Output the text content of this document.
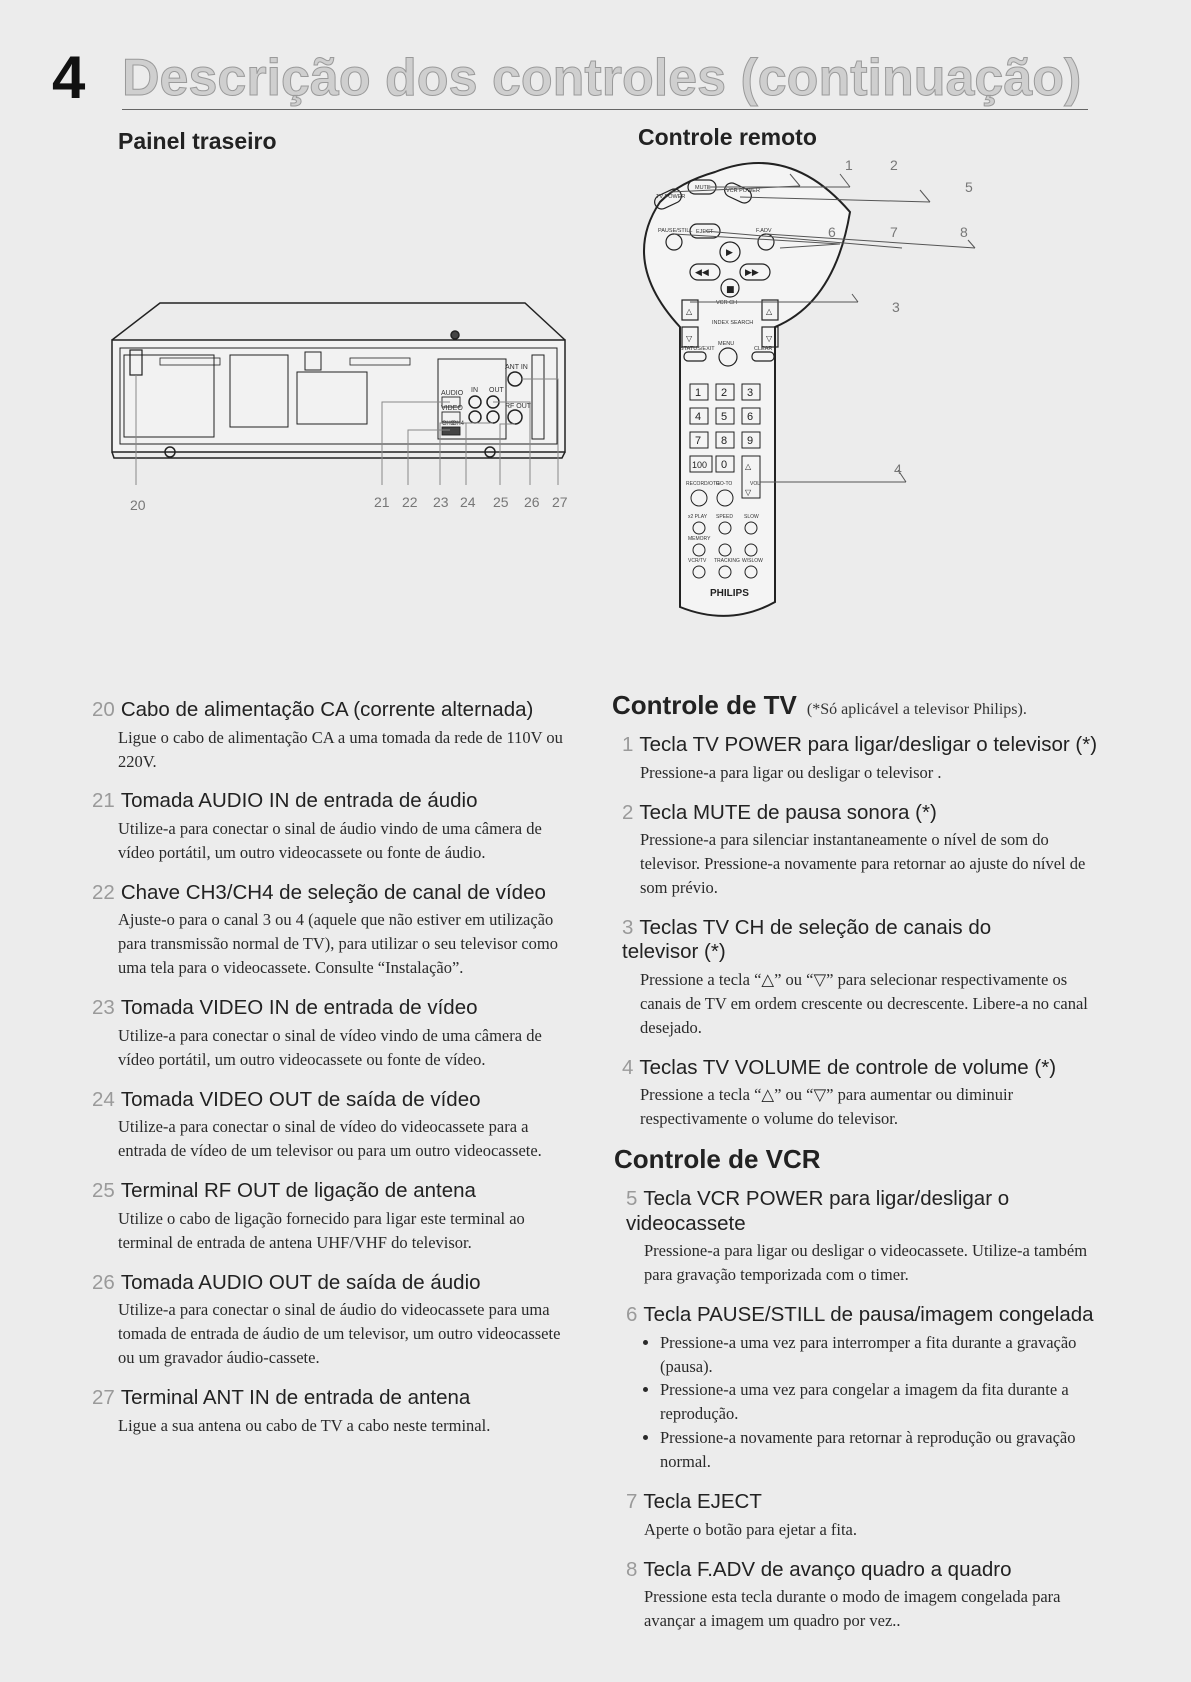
4 Descrição dos controles (continuação)
Painel traseiro	Controle remoto
AUDIO
VIDEO
IN OUT
ANT IN
RF OUT
CH3
CH4
20	21 22 23 24 25 26 27
▶
◀◀	▶▶
■
△
▽
△
▽
TV POWER
MUTE	VCR POWER
PAUSE/STILL EJECT	F.ADV
VCR CH
INDEX SEARCH
MENU
STATUS/EXIT	CLEAR
1 2 3
4 5 6
7 8 9
100 0 △
▽
RECORD/OTR
GO-TO	VOL
x2 PLAY SPEED SLOW
MEMORY
VCR/TV TRACKING W/SLOW
PHILIPS
1	2
5
6	7	8
3
4
20 Cabo de alimentação CA (corrente alternada)
Ligue o cabo de alimentação CA a uma tomada da rede de 110V ou 220V.
21 Tomada AUDIO IN de entrada de áudio
Utilize-a para conectar o sinal de áudio vindo de uma câmera de vídeo portátil, um outro videocassete ou fonte de áudio.
22 Chave CH3/CH4 de seleção de canal de vídeo
Ajuste-o para o canal 3 ou 4 (aquele que não estiver em utilização para transmissão normal de TV), para utilizar o seu televisor como uma tela para o videocassete. Consulte “Instalação”.
23 Tomada VIDEO IN de entrada de vídeo
Utilize-a para conectar o sinal de vídeo vindo de uma câmera de vídeo portátil, um outro videocassete ou fonte de vídeo.
24 Tomada VIDEO OUT de saída de vídeo
Utilize-a para conectar o sinal de vídeo do videocassete para a entrada de vídeo de um televisor ou para um outro videocassete.
25 Terminal RF OUT de ligação de antena
Utilize o cabo de ligação fornecido para ligar este terminal ao terminal de entrada de antena UHF/VHF do televisor.
26 Tomada AUDIO OUT de saída de áudio
Utilize-a para conectar o sinal de áudio do videocassete para uma tomada de entrada de áudio de um televisor, um outro videocassete ou um gravador áudio-cassete.
27 Terminal ANT IN de entrada de antena
Ligue a sua antena ou cabo de TV a cabo neste terminal.
Controle de TV (*Só aplicável a televisor Philips).
1 Tecla TV POWER para ligar/desligar o televisor (*)
Pressione-a para ligar ou desligar o televisor .
2 Tecla MUTE de pausa sonora (*)
Pressione-a para silenciar instantaneamente o nível de som do televisor. Pressione-a novamente para retornar ao ajuste do nível de som prévio.
3 Teclas TV CH de seleção de canais do televisor (*)
Pressione a tecla “△” ou “▽” para selecionar respectivamente os canais de TV em ordem crescente ou decrescente. Libere-a no canal desejado.
4 Teclas TV VOLUME de controle de volume (*)
Pressione a tecla “△” ou “▽” para aumentar ou diminuir respectivamente o volume do televisor.
Controle de VCR
5 Tecla VCR POWER para ligar/desligar o videocassete
Pressione-a para ligar ou desligar o videocassete. Utilize-a também para gravação temporizada com o timer.
6 Tecla PAUSE/STILL de pausa/imagem congelada
• Pressione-a uma vez para interromper a fita durante a gravação (pausa).
• Pressione-a uma vez para congelar a imagem da fita durante a reprodução.
• Pressione-a novamente para retornar à reprodução ou gravação normal.
7 Tecla EJECT
Aperte o botão para ejetar a fita.
8 Tecla F.ADV de avanço quadro a quadro
Pressione esta tecla durante o modo de imagem congelada para avançar a imagem um quadro por vez..
